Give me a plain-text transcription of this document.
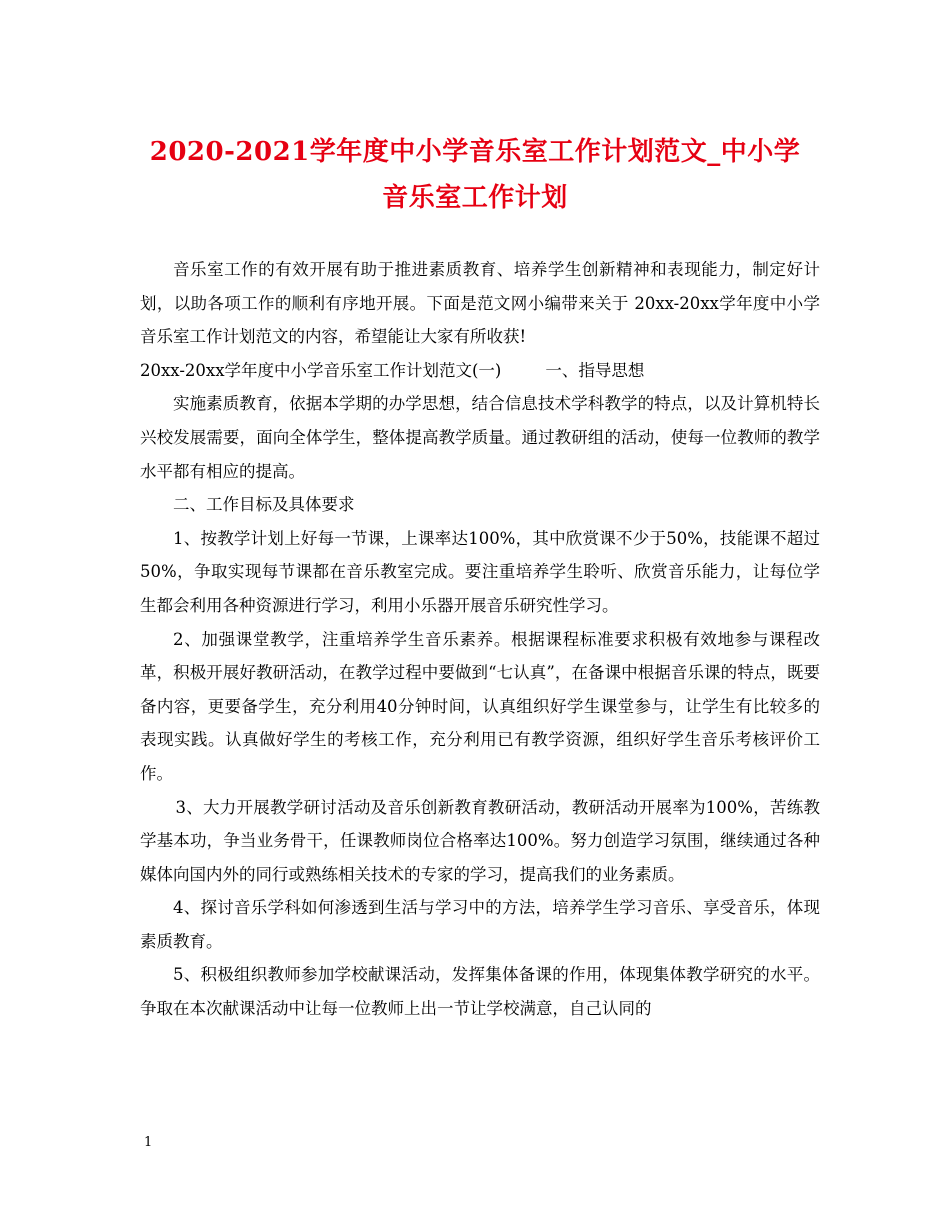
2020-2021学年度中小学音乐室工作计划范文_中小学
音乐室工作计划

音乐室工作的有效开展有助于推进素质教育、培养学生创新精神和表现能力，制定好计划，以助各项工作的顺利有序地开展。下面是范文网小编带来关于 20xx-20xx学年度中小学音乐室工作计划范文的内容，希望能让大家有所收获!

20xx-20xx学年度中小学音乐室工作计划范文(一)	一、指导思想

实施素质教育，依据本学期的办学思想，结合信息技术学科教学的特点，以及计算机特长兴校发展需要，面向全体学生，整体提高教学质量。通过教研组的活动，使每一位教师的教学水平都有相应的提高。

二、工作目标及具体要求

1、按教学计划上好每一节课，上课率达100%，其中欣赏课不少于50%，技能课不超过50%，争取实现每节课都在音乐教室完成。要注重培养学生聆听、欣赏音乐能力，让每位学生都会利用各种资源进行学习，利用小乐器开展音乐研究性学习。

2、加强课堂教学，注重培养学生音乐素养。根据课程标准要求积极有效地参与课程改革，积极开展好教研活动，在教学过程中要做到“七认真”，在备课中根据音乐课的特点，既要备内容，更要备学生，充分利用40分钟时间，认真组织好学生课堂参与，让学生有比较多的表现实践。认真做好学生的考核工作，充分利用已有教学资源，组织好学生音乐考核评价工作。

3、大力开展教学研讨活动及音乐创新教育教研活动，教研活动开展率为100%，苦练教学基本功，争当业务骨干，任课教师岗位合格率达100%。努力创造学习氛围，继续通过各种媒体向国内外的同行或熟练相关技术的专家的学习，提高我们的业务素质。

4、探讨音乐学科如何渗透到生活与学习中的方法，培养学生学习音乐、享受音乐，体现素质教育。

5、积极组织教师参加学校献课活动，发挥集体备课的作用，体现集体教学研究的水平。争取在本次献课活动中让每一位教师上出一节让学校满意，自己认同的

1
